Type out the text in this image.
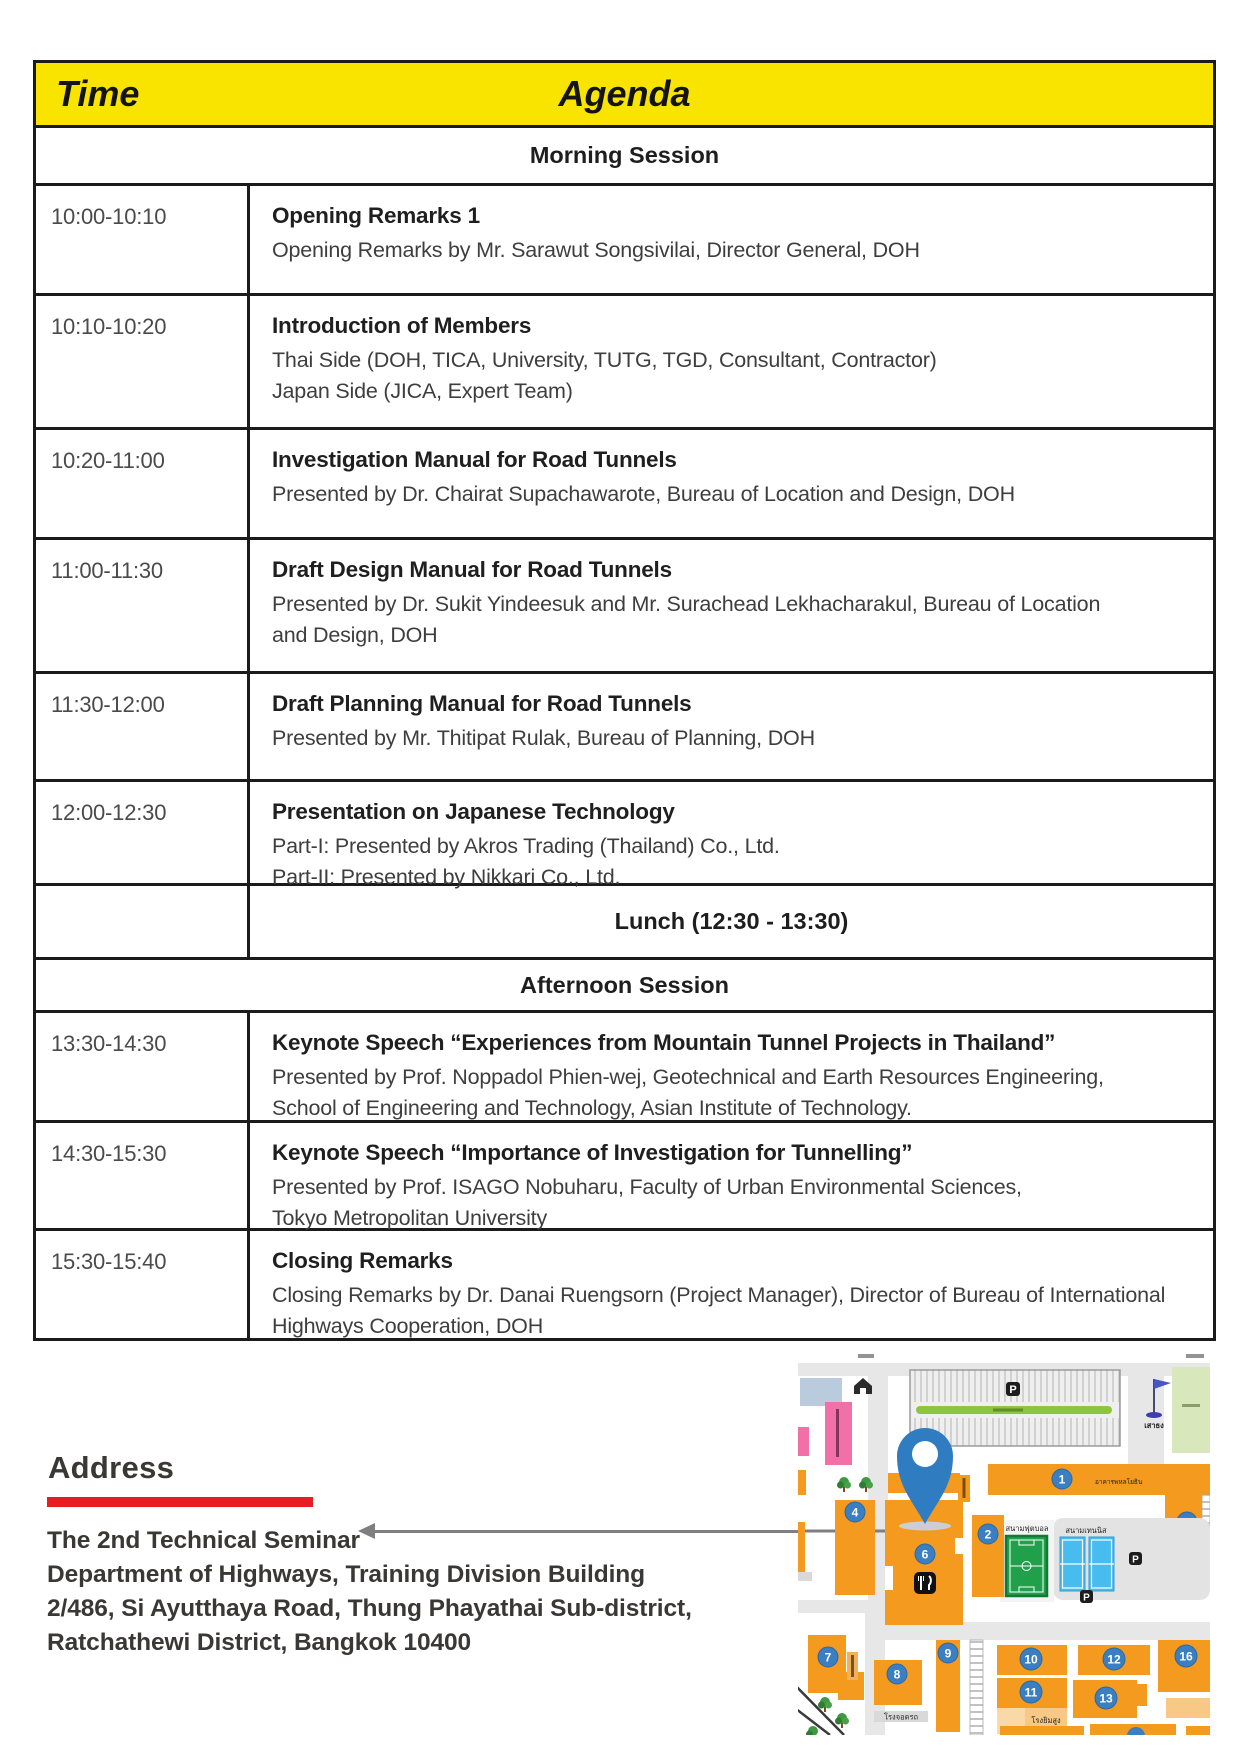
Time	Agenda
Morning Session
10:00-10:10	Opening Remarks 1
Opening Remarks by Mr. Sarawut Songsivilai, Director General, DOH
10:10-10:20	Introduction of Members
Thai Side (DOH, TICA, University, TUTG, TGD, Consultant, Contractor)
Japan Side (JICA, Expert Team)
10:20-11:00	Investigation Manual for Road Tunnels
Presented by Dr. Chairat Supachawarote, Bureau of Location and Design, DOH
11:00-11:30	Draft Design Manual for Road Tunnels
Presented by Dr. Sukit Yindeesuk and Mr. Surachead Lekhacharakul, Bureau of Location
and Design, DOH
11:30-12:00	Draft Planning Manual for Road Tunnels
Presented by Mr. Thitipat Rulak, Bureau of Planning, DOH
12:00-12:30	Presentation on Japanese Technology
Part-I: Presented by Akros Trading (Thailand) Co., Ltd.
Part-II: Presented by Nikkari Co., Ltd.
Lunch (12:30 - 13:30)
Afternoon Session
13:30-14:30	Keynote Speech “Experiences from Mountain Tunnel Projects in Thailand”
Presented by Prof. Noppadol Phien-wej, Geotechnical and Earth Resources Engineering,
School of Engineering and Technology, Asian Institute of Technology.
14:30-15:30	Keynote Speech “Importance of Investigation for Tunnelling”
Presented by Prof. ISAGO Nobuharu, Faculty of Urban Environmental Sciences,
Tokyo Metropolitan University
15:30-15:40	Closing Remarks
Closing Remarks by Dr. Danai Ruengsorn (Project Manager), Director of Bureau of International
Highways Cooperation, DOH
Address
The 2nd Technical Seminar
Department of Highways, Training Division Building
2/486, Si Ayutthaya Road, Thung Phayathai Sub-district,
Ratchathewi District, Bangkok 10400
P
เสาธง
1	อาคารพหลโยธิน
สนามเทนนิส
P
P
สนามฟุตบอล
2
6
4
7
8
โรงจอดรถ
9	10
11
โรงยิมสูง
12
13
16
